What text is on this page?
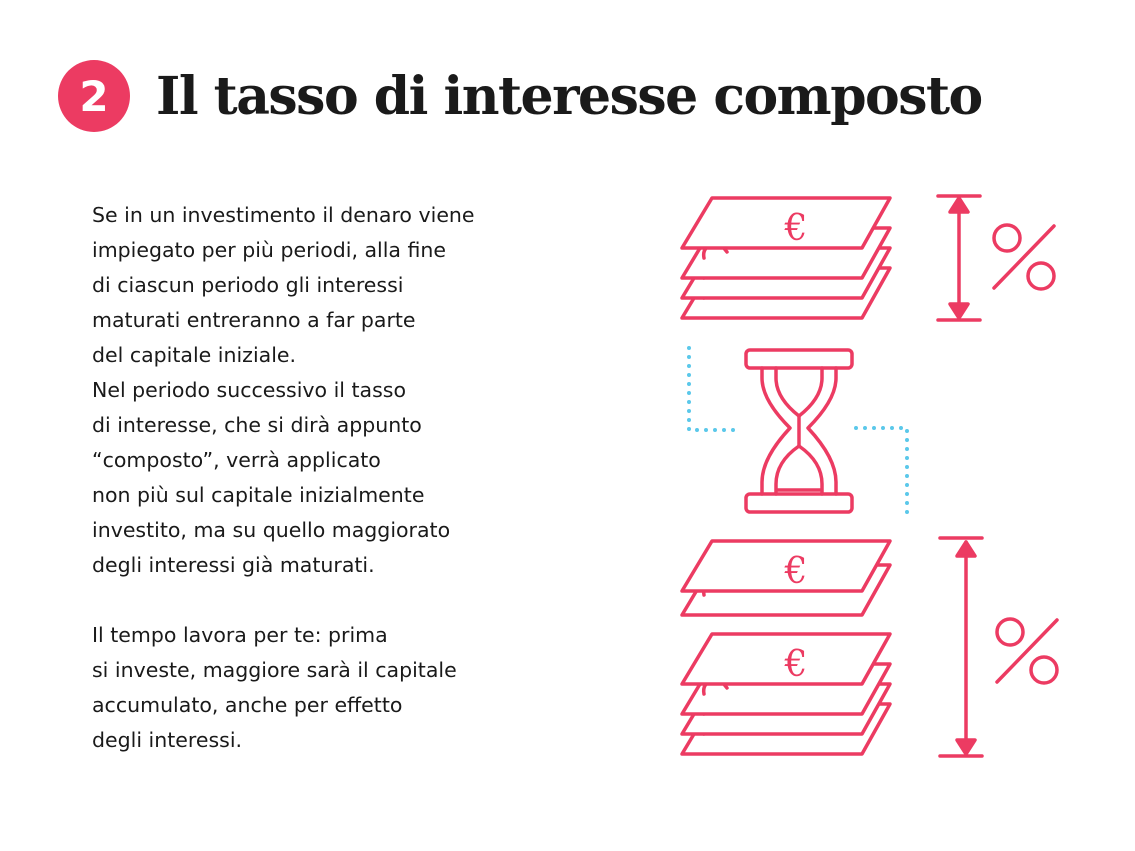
2 Il tasso di interesse composto

Se in un investimento il denaro viene
impiegato per più periodi, alla fine
di ciascun periodo gli interessi
maturati entreranno a far parte
del capitale iniziale.
Nel periodo successivo il tasso
di interesse, che si dirà appunto
“composto”, verrà applicato
non più sul capitale inizialmente
investito, ma su quello maggiorato
degli interessi già maturati.

Il tempo lavora per te: prima
si investe, maggiore sarà il capitale
accumulato, anche per effetto
degli interessi.

€
€
€
